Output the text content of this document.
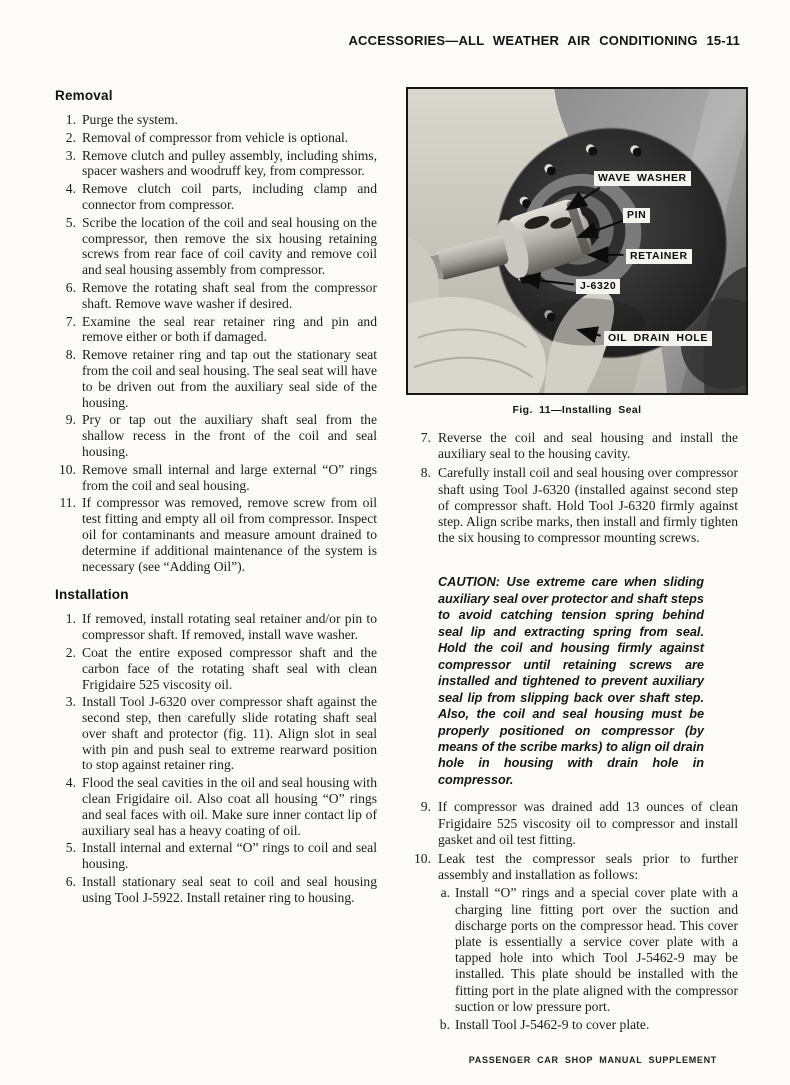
ACCESSORIES—ALL WEATHER AIR CONDITIONING 15-11
Removal
1. Purge the system.
2. Removal of compressor from vehicle is optional.
3. Remove clutch and pulley assembly, including shims, spacer washers and woodruff key, from compressor.
4. Remove clutch coil parts, including clamp and connector from compressor.
5. Scribe the location of the coil and seal housing on the compressor, then remove the six housing retaining screws from rear face of coil cavity and remove coil and seal housing assembly from compressor.
6. Remove the rotating shaft seal from the compressor shaft. Remove wave washer if desired.
7. Examine the seal rear retainer ring and pin and remove either or both if damaged.
8. Remove retainer ring and tap out the stationary seat from the coil and seal housing. The seal seat will have to be driven out from the auxiliary seal side of the housing.
9. Pry or tap out the auxiliary shaft seal from the shallow recess in the front of the coil and seal housing.
10. Remove small internal and large external “O” rings from the coil and seal housing.
11. If compressor was removed, remove screw from oil test fitting and empty all oil from compressor. Inspect oil for contaminants and measure amount drained to determine if additional maintenance of the system is necessary (see “Adding Oil”).
Installation
1. If removed, install rotating seal retainer and/or pin to compressor shaft. If removed, install wave washer.
2. Coat the entire exposed compressor shaft and the carbon face of the rotating shaft seal with clean Frigidaire 525 viscosity oil.
3. Install Tool J-6320 over compressor shaft against the second step, then carefully slide rotating shaft seal over shaft and protector (fig. 11). Align slot in seal with pin and push seal to extreme rearward position to stop against retainer ring.
4. Flood the seal cavities in the oil and seal housing with clean Frigidaire oil. Also coat all housing “O” rings and seal faces with oil. Make sure inner contact lip of auxiliary seal has a heavy coating of oil.
5. Install internal and external “O” rings to coil and seal housing.
6. Install stationary seal seat to coil and seal housing using Tool J-5922. Install retainer ring to housing.
WAVE WASHER
PIN
RETAINER
J-6320
OIL DRAIN HOLE
Fig. 11—Installing Seal
7. Reverse the coil and seal housing and install the auxiliary seal to the housing cavity.
8. Carefully install coil and seal housing over compressor shaft using Tool J-6320 (installed against second step of compressor shaft. Hold Tool J-6320 firmly against step. Align scribe marks, then install and firmly tighten the six housing to compressor mounting screws.
CAUTION: Use extreme care when sliding auxiliary seal over protector and shaft steps to avoid catching tension spring behind seal lip and extracting spring from seal. Hold the coil and housing firmly against compressor until retaining screws are installed and tightened to prevent auxiliary seal lip from slipping back over shaft step. Also, the coil and seal housing must be properly positioned on compressor (by means of the scribe marks) to align oil drain hole in housing with drain hole in compressor.
9. If compressor was drained add 13 ounces of clean Frigidaire 525 viscosity oil to compressor and install gasket and oil test fitting.
10. Leak test the compressor seals prior to further assembly and installation as follows:
a. Install “O” rings and a special cover plate with a charging line fitting port over the suction and discharge ports on the compressor head. This cover plate is essentially a service cover plate with a tapped hole into which Tool J-5462-9 may be installed. This plate should be installed with the fitting port in the plate aligned with the compressor suction or low pressure port.
b. Install Tool J-5462-9 to cover plate.
PASSENGER CAR SHOP MANUAL SUPPLEMENT
